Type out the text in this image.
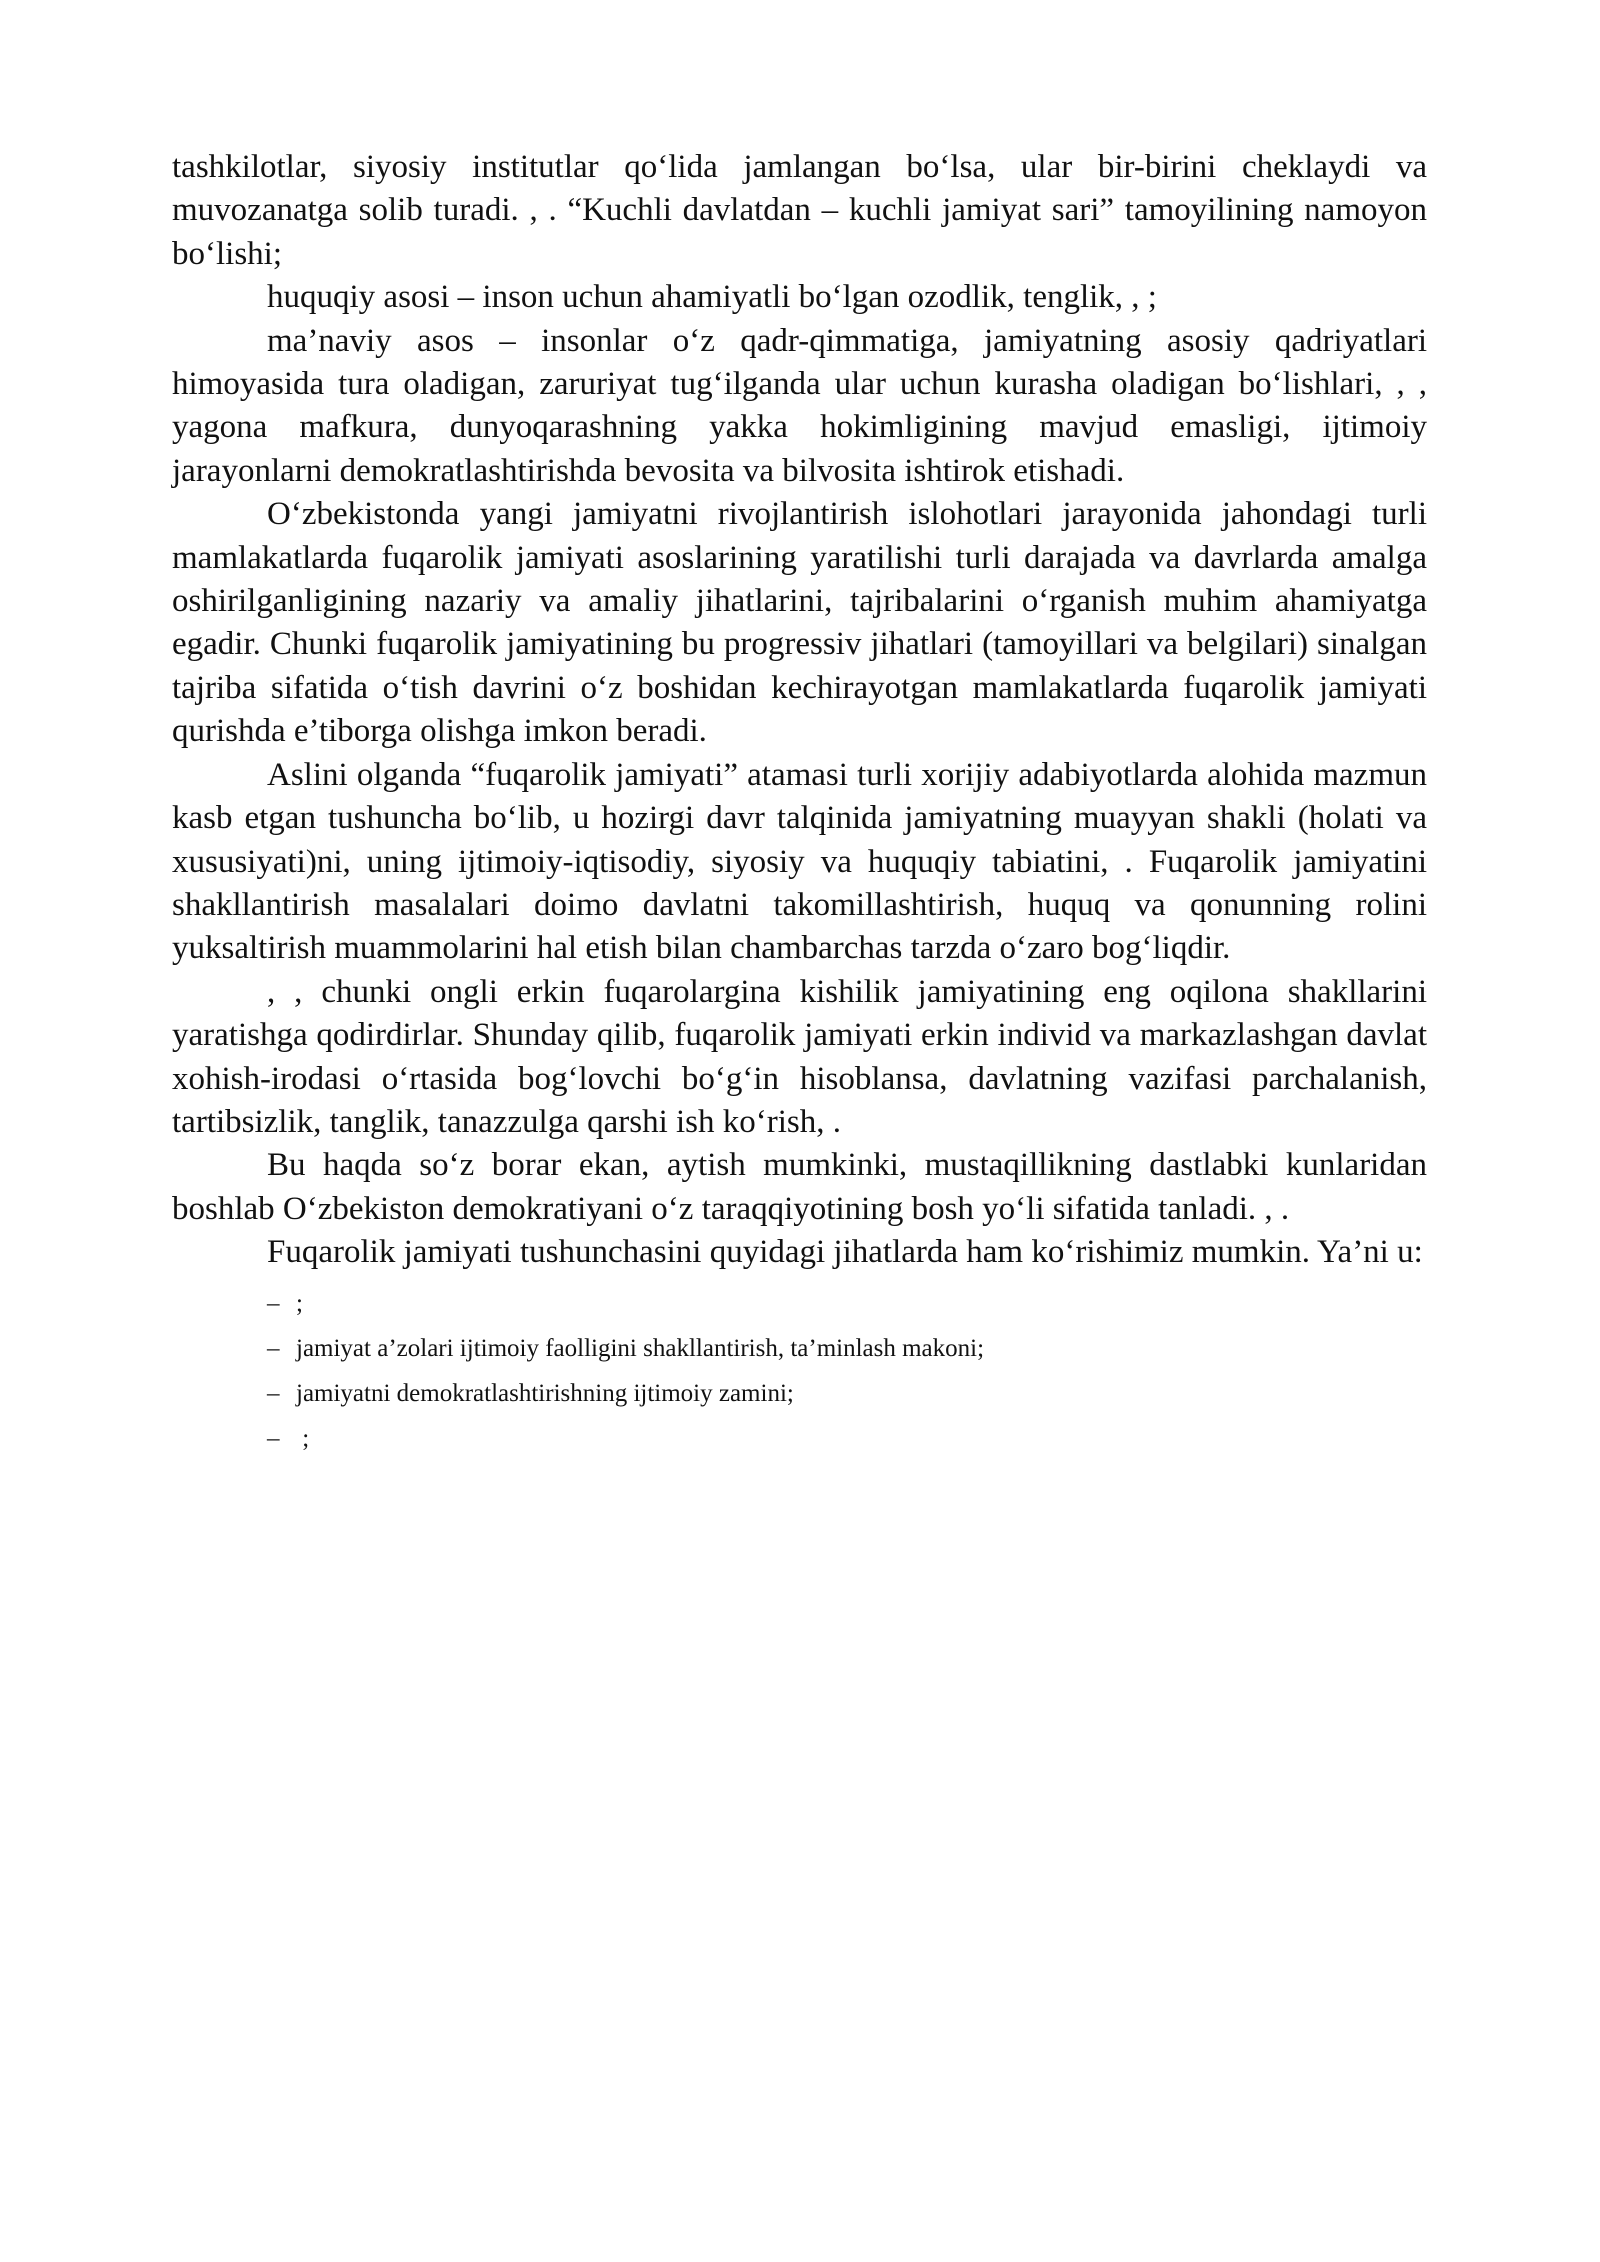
tashkilotlar, siyosiy institutlar qo‘lida jamlangan bo‘lsa, ular bir-birini cheklaydi va muvozanatga solib turadi. , . “Kuchli davlatdan – kuchli jamiyat sari” tamoyilining namoyon bo‘lishi;

huquqiy asosi – inson uchun ahamiyatli bo‘lgan ozodlik, tenglik, , ;

ma’naviy asos – insonlar o‘z qadr-qimmatiga, jamiyatning asosiy qadriyatlari himoyasida tura oladigan, zaruriyat tug‘ilganda ular uchun kurasha oladigan bo‘lishlari, , , yagona mafkura, dunyoqarashning yakka hokimligining mavjud emasligi, ijtimoiy jarayonlarni demokratlashtirishda bevosita va bilvosita ishtirok etishadi.

O‘zbekistonda yangi jamiyatni rivojlantirish islohotlari jarayonida jahondagi turli mamlakatlarda fuqarolik jamiyati asoslarining yaratilishi turli darajada va davrlarda amalga oshirilganligining nazariy va amaliy jihatlarini, tajribalarini o‘rganish muhim ahamiyatga egadir. Chunki fuqarolik jamiyatining bu progressiv jihatlari (tamoyillari va belgilari) sinalgan tajriba sifatida o‘tish davrini o‘z boshidan kechirayotgan mamlakatlarda fuqarolik jamiyati qurishda e’tiborga olishga imkon beradi.

Aslini olganda “fuqarolik jamiyati” atamasi turli xorijiy adabiyotlarda alohida mazmun kasb etgan tushuncha bo‘lib, u hozirgi davr talqinida jamiyatning muayyan shakli (holati va xususiyati)ni, uning ijtimoiy-iqtisodiy, siyosiy va huquqiy tabiatini, . Fuqarolik jamiyatini shakllantirish masalalari doimo davlatni takomillashtirish, huquq va qonunning rolini yuksaltirish muammolarini hal etish bilan chambarchas tarzda o‘zaro bog‘liqdir.

, , chunki ongli erkin fuqarolargina kishilik jamiyatining eng oqilona shakllarini yaratishga qodirdirlar. Shunday qilib, fuqarolik jamiyati erkin individ va markazlashgan davlat xohish-irodasi o‘rtasida bog‘lovchi bo‘g‘in hisoblansa, davlatning vazifasi parchalanish, tartibsizlik, tanglik, tanazzulga qarshi ish ko‘rish, .

Bu haqda so‘z borar ekan, aytish mumkinki, mustaqillikning dastlabki kunlaridan boshlab O‘zbekiston demokratiyani o‘z taraqqiyotining bosh yo‘li sifatida tanladi. , .

Fuqarolik jamiyati tushunchasini quyidagi jihatlarda ham ko‘rishimiz mumkin. Ya’ni u:

– ;
– jamiyat a’zolari ijtimoiy faolligini shakllantirish, ta’minlash makoni;
– jamiyatni demokratlashtirishning ijtimoiy zamini;
– ;
